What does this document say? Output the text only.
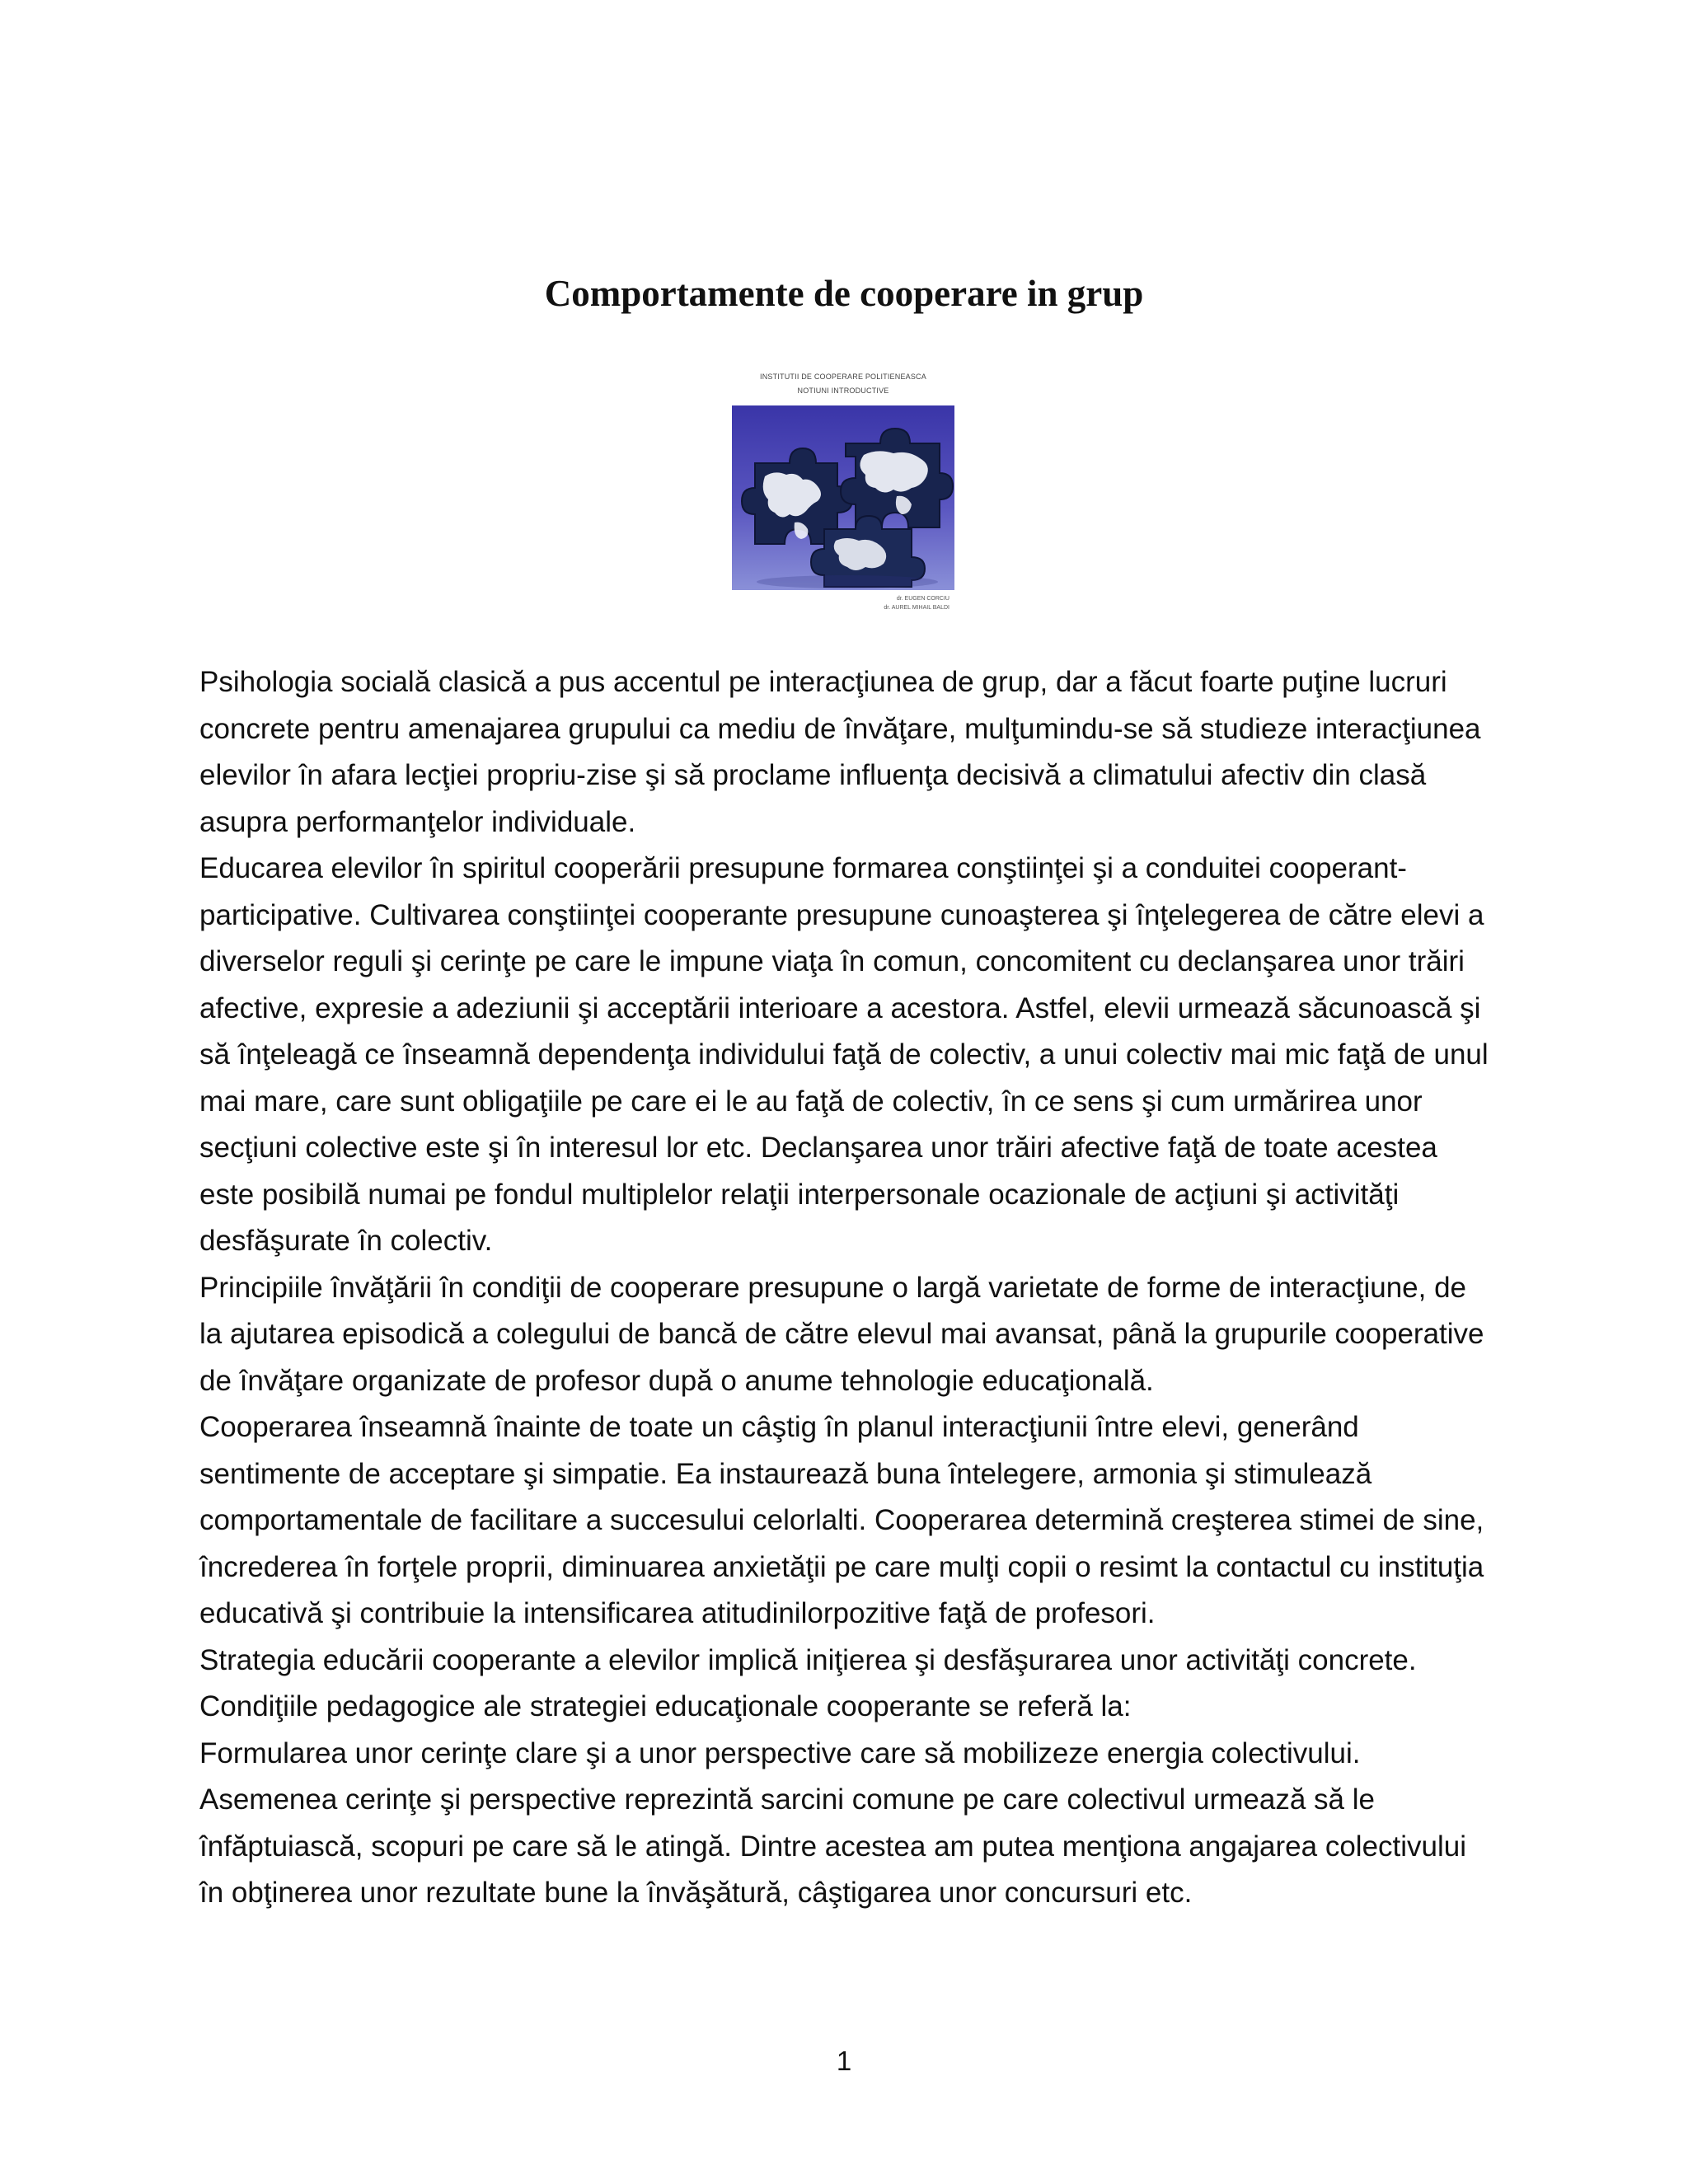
Comportamente de cooperare in grup
INSTITUTII DE COOPERARE POLITIENEASCA
NOTIUNI INTRODUCTIVE
dr. EUGEN CORCIU
dr. AUREL MIHAIL BALDI

Psihologia socială clasică a pus accentul pe interacţiunea de grup, dar a făcut foarte puţine lucruri concrete pentru amenajarea grupului ca mediu de învăţare, mulţumindu-se să studieze interacţiunea elevilor în afara lecţiei propriu-zise şi să proclame influenţa decisivă a climatului afectiv din clasă asupra performanţelor individuale.

Educarea elevilor în spiritul cooperării presupune formarea conştiinţei şi a conduitei cooperant-participative. Cultivarea conştiinţei cooperante presupune cunoaşterea şi înţelegerea de către elevi a diverselor reguli şi cerinţe pe care le impune viaţa în comun, concomitent cu declanşarea unor trăiri afective, expresie a adeziunii şi acceptării interioare a acestora. Astfel, elevii urmează săcunoască şi să înţeleagă ce înseamnă dependenţa individului faţă de colectiv, a unui colectiv mai mic faţă de unul mai mare, care sunt obligaţiile pe care ei le au faţă de colectiv, în ce sens şi cum urmărirea unor secţiuni colective este şi în interesul lor etc. Declanşarea unor trăiri afective faţă de toate acestea este posibilă numai pe fondul multiplelor relaţii interpersonale ocazionale de acţiuni şi activităţi desfăşurate în colectiv.

Principiile învăţării în condiţii de cooperare presupune o largă varietate de forme de interacţiune, de la ajutarea episodică a colegului de bancă de către elevul mai avansat, până la grupurile cooperative de învăţare organizate de profesor după o anume tehnologie educaţională.

Cooperarea înseamnă înainte de toate un câştig în planul interacţiunii între elevi, generând sentimente de acceptare şi simpatie. Ea instaurează buna întelegere, armonia şi stimulează comportamentale de facilitare a succesului celorlalti. Cooperarea determină creşterea stimei de sine, încrederea în forţele proprii, diminuarea anxietăţii pe care mulţi copii o resimt la contactul cu instituţia educativă şi contribuie la intensificarea atitudinilorpozitive faţă de profesori.

Strategia educării cooperante a elevilor implică iniţierea şi desfăşurarea unor activităţi concrete.

Condiţiile pedagogice ale strategiei educaţionale cooperante se referă la:

Formularea unor cerinţe clare şi a unor perspective care să mobilizeze energia colectivului. Asemenea cerinţe şi perspective reprezintă sarcini comune pe care colectivul urmează să le înfăptuiască, scopuri pe care să le atingă. Dintre acestea am putea menţiona angajarea colectivului în obţinerea unor rezultate bune la învăşătură, câştigarea unor concursuri etc.

1
